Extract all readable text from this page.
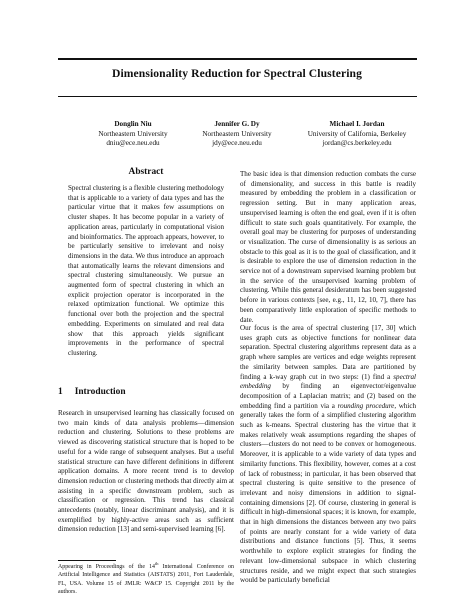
Dimensionality Reduction for Spectral Clustering
Donglin Niu
Northeastern University
dniu@ece.neu.edu
Jennifer G. Dy
Northeastern University
jdy@ece.neu.edu
Michael I. Jordan
University of California, Berkeley
jordan@cs.berkeley.edu
Abstract
Spectral clustering is a flexible clustering methodology that is applicable to a variety of data types and has the particular virtue that it makes few assumptions on cluster shapes. It has become popular in a variety of application areas, particularly in computational vision and bioinformatics. The approach appears, however, to be particularly sensitive to irrelevant and noisy dimensions in the data. We thus introduce an approach that automatically learns the relevant dimensions and spectral clustering simultaneously. We pursue an augmented form of spectral clustering in which an explicit projection operator is incorporated in the relaxed optimization functional. We optimize this functional over both the projection and the spectral embedding. Experiments on simulated and real data show that this approach yields significant improvements in the performance of spectral clustering.
1 Introduction
Research in unsupervised learning has classically focused on two main kinds of data analysis problems—dimension reduction and clustering. Solutions to these problems are viewed as discovering statistical structure that is hoped to be useful for a wide range of subsequent analyses. But a useful statistical structure can have different definitions in different application domains. A more recent trend is to develop dimension reduction or clustering methods that directly aim at assisting in a specific downstream problem, such as classification or regression. This trend has classical antecedents (notably, linear discriminant analysis), and it is exemplified by highly-active areas such as sufficient dimension reduction [13] and semi-supervised learning [6].
Appearing in Proceedings of the 14th International Conference on Artificial Intelligence and Statistics (AISTATS) 2011, Fort Lauderdale, FL, USA. Volume 15 of JMLR: W&CP 15. Copyright 2011 by the authors.
The basic idea is that dimension reduction combats the curse of dimensionality, and success in this battle is readily measured by embedding the problem in a classification or regression setting. But in many application areas, unsupervised learning is often the end goal, even if it is often difficult to state such goals quantitatively. For example, the overall goal may be clustering for purposes of understanding or visualization. The curse of dimensionality is as serious an obstacle to this goal as it is to the goal of classification, and it is desirable to explore the use of dimension reduction in the service not of a downstream supervised learning problem but in the service of the unsupervised learning problem of clustering. While this general desideratum has been suggested before in various contexts [see, e.g., 11, 12, 10, 7], there has been comparatively little exploration of specific methods to date.
Our focus is the area of spectral clustering [17, 30] which uses graph cuts as objective functions for nonlinear data separation. Spectral clustering algorithms represent data as a graph where samples are vertices and edge weights represent the similarity between samples. Data are partitioned by finding a k-way graph cut in two steps: (1) find a spectral embedding by finding an eigenvector/eigenvalue decomposition of a Laplacian matrix; and (2) based on the embedding find a partition via a rounding procedure, which generally takes the form of a simplified clustering algorithm such as k-means. Spectral clustering has the virtue that it makes relatively weak assumptions regarding the shapes of clusters—clusters do not need to be convex or homogeneous. Moreover, it is applicable to a wide variety of data types and similarity functions. This flexibility, however, comes at a cost of lack of robustness; in particular, it has been observed that spectral clustering is quite sensitive to the presence of irrelevant and noisy dimensions in addition to signal-containing dimensions [2]. Of course, clustering in general is difficult in high-dimensional spaces; it is known, for example, that in high dimensions the distances between any two pairs of points are nearly constant for a wide variety of data distributions and distance functions [5]. Thus, it seems worthwhile to explore explicit strategies for finding the relevant low-dimensional subspace in which clustering structures reside, and we might expect that such strategies would be particularly beneficial
